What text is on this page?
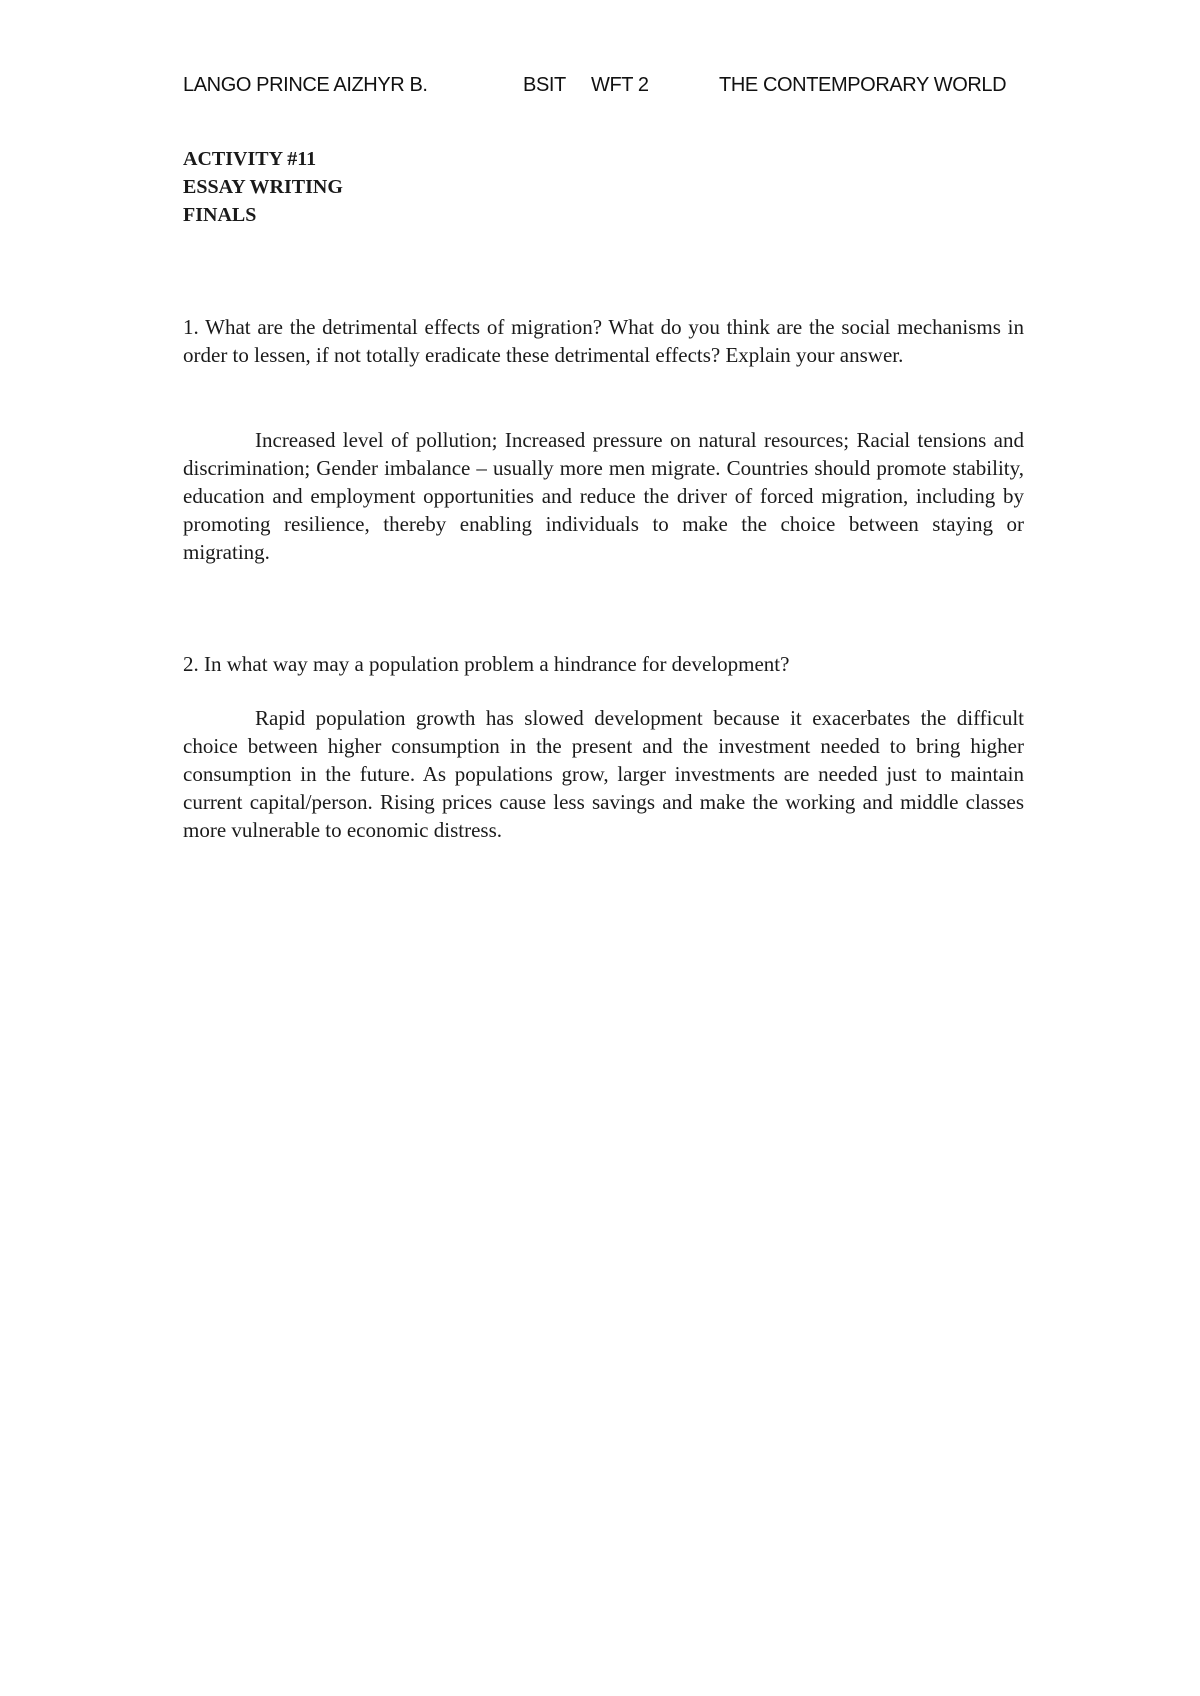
LANGO PRINCE AIZHYR B.	BSIT WFT 2	THE CONTEMPORARY WORLD
ACTIVITY #11
ESSAY WRITING
FINALS
1. What are the detrimental effects of migration? What do you think are the social mechanisms in order to lessen, if not totally eradicate these detrimental effects? Explain your answer.
Increased level of pollution; Increased pressure on natural resources; Racial tensions and discrimination; Gender imbalance – usually more men migrate. Countries should promote stability, education and employment opportunities and reduce the driver of forced migration, including by promoting resilience, thereby enabling individuals to make the choice between staying or migrating.
2. In what way may a population problem a hindrance for development?
Rapid population growth has slowed development because it exacerbates the difficult choice between higher consumption in the present and the investment needed to bring higher consumption in the future. As populations grow, larger investments are needed just to maintain current capital/person. Rising prices cause less savings and make the working and middle classes more vulnerable to economic distress.
